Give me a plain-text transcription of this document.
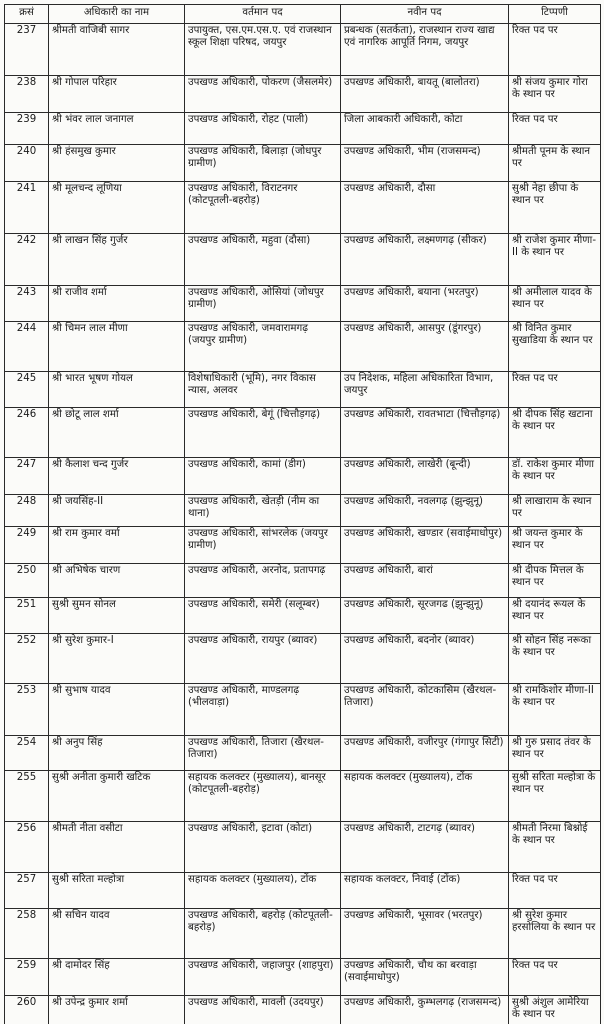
क्रसं	अधिकारी का नाम	वर्तमान पद	नवीन पद	टिप्पणी
237	श्रीमती वाजिबी सागर	उपायुक्त, एस.एम.एस.ए. एवं राजस्थान स्कूल शिक्षा परिषद, जयपुर	प्रबन्धक (सतर्कता), राजस्थान राज्य खाद्य एवं नागरिक आपूर्ति निगम, जयपुर	रिक्त पद पर
238	श्री गोपाल परिहार	उपखण्ड अधिकारी, पोकरण (जैसलमेर)	उपखण्ड अधिकारी, बायतू (बालोतरा)	श्री संजय कुमार गोरा के स्थान पर
239	श्री भंवर लाल जनागल	उपखण्ड अधिकारी, रोहट (पाली)	जिला आबकारी अधिकारी, कोटा	रिक्त पद पर
240	श्री हंसमुख कुमार	उपखण्ड अधिकारी, बिलाड़ा (जोधपुर ग्रामीण)	उपखण्ड अधिकारी, भीम (राजसमन्द)	श्रीमती पूनम के स्थान पर
241	श्री मूलचन्द लूणिया	उपखण्ड अधिकारी, विराटनगर (कोटपूतली-बहरोड़)	उपखण्ड अधिकारी, दौसा	सुश्री नेहा छीपा के स्थान पर
242	श्री लाखन सिंह गुर्जर	उपखण्ड अधिकारी, महुवा (दौसा)	उपखण्ड अधिकारी, लक्ष्मणगढ़ (सीकर)	श्री राजेश कुमार मीणा-II के स्थान पर
243	श्री राजीव शर्मा	उपखण्ड अधिकारी, ओसियां (जोधपुर ग्रामीण)	उपखण्ड अधिकारी, बयाना (भरतपुर)	श्री अमीलाल यादव के स्थान पर
244	श्री चिमन लाल मीणा	उपखण्ड अधिकारी, जमवारामगढ़ (जयपुर ग्रामीण)	उपखण्ड अधिकारी, आसपुर (डूंगरपुर)	श्री विनित कुमार सुखाडिया के स्थान पर
245	श्री भारत भूषण गोयल	विशेषाधिकारी (भूमि), नगर विकास न्यास, अलवर	उप निदेशक, महिला अधिकारिता विभाग, जयपुर	रिक्त पद पर
246	श्री छोटू लाल शर्मा	उपखण्ड अधिकारी, बेगूं (चित्तौड़गढ़)	उपखण्ड अधिकारी, रावतभाटा (चित्तौड़गढ़)	श्री दीपक सिंह खटाना के स्थान पर
247	श्री कैलाश चन्द गुर्जर	उपखण्ड अधिकारी, कामां (डीग)	उपखण्ड अधिकारी, लाखेरी (बून्दी)	डॉ. राकेश कुमार मीणा के स्थान पर
248	श्री जयसिंह-II	उपखण्ड अधिकारी, खेतड़ी (नीम का थाना)	उपखण्ड अधिकारी, नवलगढ़ (झुन्झुनू)	श्री लाखाराम के स्थान पर
249	श्री राम कुमार वर्मा	उपखण्ड अधिकारी, सांभरलेक (जयपुर ग्रामीण)	उपखण्ड अधिकारी, खण्डार (सवाईमाधोपुर)	श्री जयन्त कुमार के स्थान पर
250	श्री अभिषेक चारण	उपखण्ड अधिकारी, अरनोद, प्रतापगढ़	उपखण्ड अधिकारी, बारां	श्री दीपक मित्तल के स्थान पर
251	सुश्री सुमन सोनल	उपखण्ड अधिकारी, समेरी (सलूम्बर)	उपखण्ड अधिकारी, सूरजगढ (झुन्झुनू)	श्री दयानंद रूयल के स्थान पर
252	श्री सुरेश कुमार-I	उपखण्ड अधिकारी, रायपुर (ब्यावर)	उपखण्ड अधिकारी, बदनोर (ब्यावर)	श्री सोहन सिंह नरूका के स्थान पर
253	श्री सुभाष यादव	उपखण्ड अधिकारी, माण्डलगढ़ (भीलवाड़ा)	उपखण्ड अधिकारी, कोटकासिम (खैरथल-तिजारा)	श्री रामकिशोर मीणा-II के स्थान पर
254	श्री अनुप सिंह	उपखण्ड अधिकारी, तिजारा (खैरथल-तिजारा)	उपखण्ड अधिकारी, वजीरपुर (गंगापुर सिटी)	श्री गुरु प्रसाद तंवर के स्थान पर
255	सुश्री अनीता कुमारी खटिक	सहायक कलक्टर (मुख्यालय), बानसूर (कोटपूतली-बहरोड़)	सहायक कलक्टर (मुख्यालय), टोंक	सुश्री सरिता मल्होत्रा के स्थान पर
256	श्रीमती नीता वसीटा	उपखण्ड अधिकारी, इटावा (कोटा)	उपखण्ड अधिकारी, टाटगढ़ (ब्यावर)	श्रीमती निरमा बिश्नोई के स्थान पर
257	सुश्री सरिता मल्होत्रा	सहायक कलक्टर (मुख्यालय), टोंक	सहायक कलक्टर, निवाई (टोंक)	रिक्त पद पर
258	श्री सचिन यादव	उपखण्ड अधिकारी, बहरोड़ (कोटपूतली-बहरोड़)	उपखण्ड अधिकारी, भूसावर (भरतपुर)	श्री सुरेश कुमार हरसोलिया के स्थान पर
259	श्री दामोदर सिंह	उपखण्ड अधिकारी, जहाजपुर (शाहपुरा)	उपखण्ड अधिकारी, चौथ का बरवाड़ा (सवाईमाधोपुर)	रिक्त पद पर
260	श्री उपेन्द्र कुमार शर्मा	उपखण्ड अधिकारी, मावली (उदयपुर)	उपखण्ड अधिकारी, कुम्भलगढ़ (राजसमन्द)	सुश्री अंशुल आमेरिया के स्थान पर
